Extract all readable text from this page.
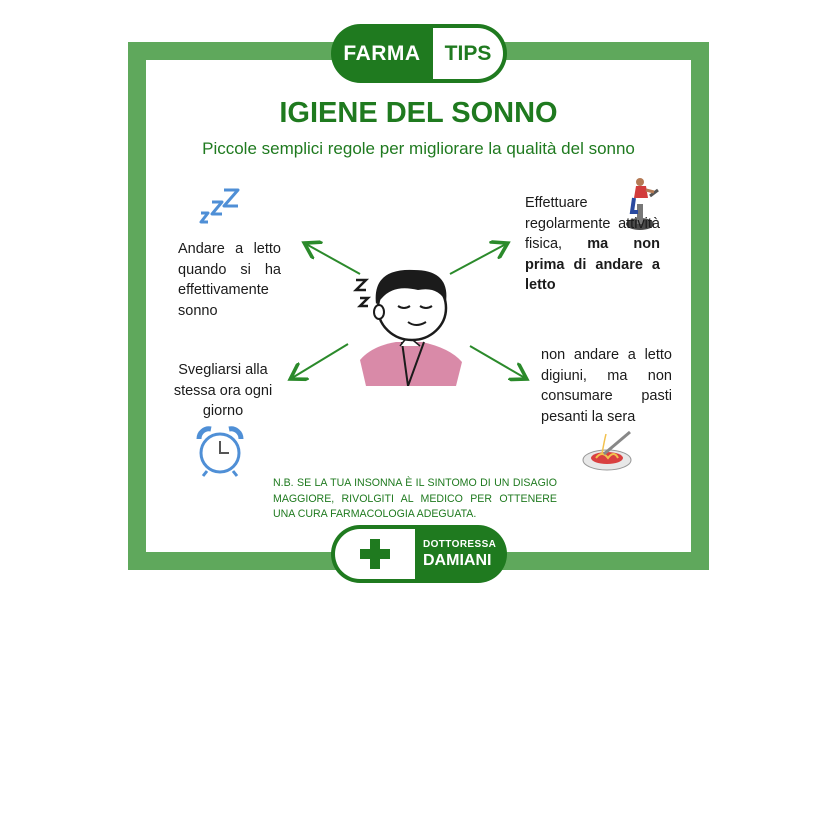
FARMA	TIPS
IGIENE DEL SONNO
Piccole semplici regole per migliorare la qualità del sonno
Andare a letto quando si ha effettivamente sonno
Effettuare regolarmente attività fisica, ma non prima di andare a letto
Svegliarsi alla stessa ora ogni giorno
non andare a letto digiuni, ma non consumare pasti pesanti la sera
N.B. SE LA TUA INSONNA È IL SINTOMO DI UN DISAGIO MAGGIORE, RIVOLGITI AL MEDICO PER OTTENERE UNA CURA FARMACOLOGIA ADEGUATA.
DOTTORESSA
DAMIANI
